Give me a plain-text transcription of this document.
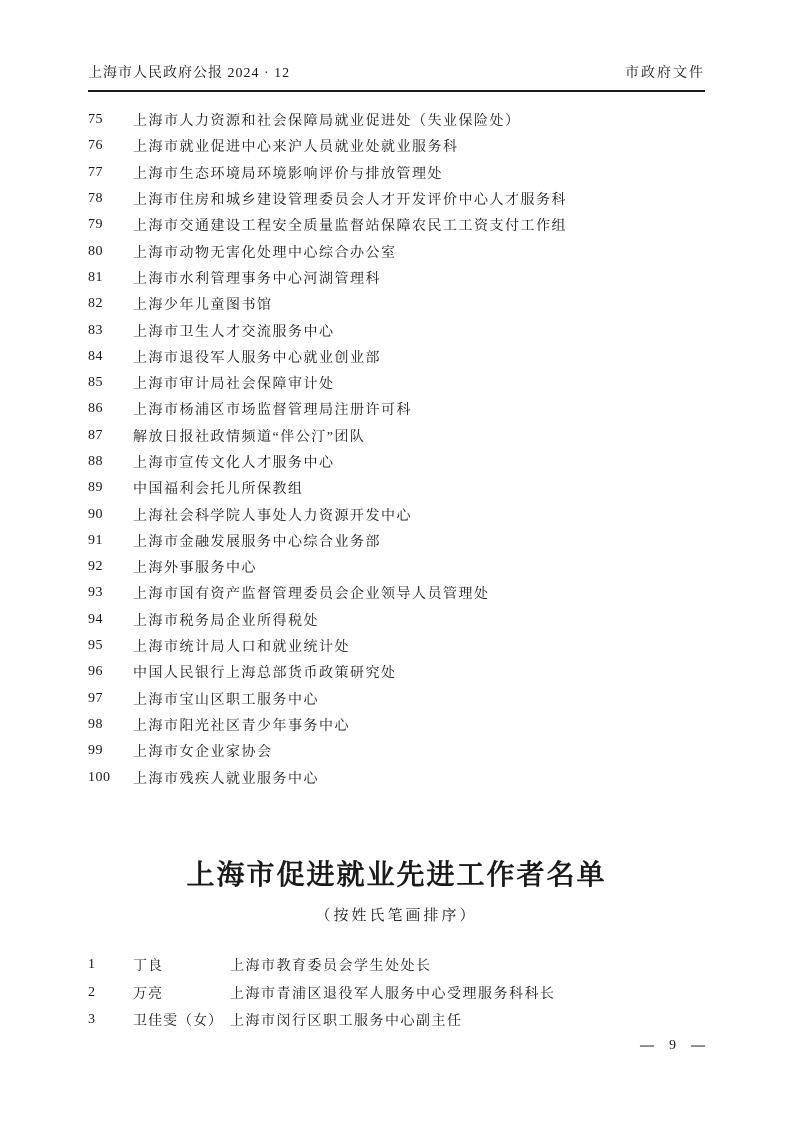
上海市人民政府公报 2024 · 12	市政府文件
75	上海市人力资源和社会保障局就业促进处（失业保险处）
76	上海市就业促进中心来沪人员就业处就业服务科
77	上海市生态环境局环境影响评价与排放管理处
78	上海市住房和城乡建设管理委员会人才开发评价中心人才服务科
79	上海市交通建设工程安全质量监督站保障农民工工资支付工作组
80	上海市动物无害化处理中心综合办公室
81	上海市水利管理事务中心河湖管理科
82	上海少年儿童图书馆
83	上海市卫生人才交流服务中心
84	上海市退役军人服务中心就业创业部
85	上海市审计局社会保障审计处
86	上海市杨浦区市场监督管理局注册许可科
87	解放日报社政情频道“伴公汀”团队
88	上海市宣传文化人才服务中心
89	中国福利会托儿所保教组
90	上海社会科学院人事处人力资源开发中心
91	上海市金融发展服务中心综合业务部
92	上海外事服务中心
93	上海市国有资产监督管理委员会企业领导人员管理处
94	上海市税务局企业所得税处
95	上海市统计局人口和就业统计处
96	中国人民银行上海总部货币政策研究处
97	上海市宝山区职工服务中心
98	上海市阳光社区青少年事务中心
99	上海市女企业家协会
100	上海市残疾人就业服务中心
上海市促进就业先进工作者名单

（按姓氏笔画排序）

1	丁良	上海市教育委员会学生处处长
2	万亮	上海市青浦区退役军人服务中心受理服务科科长
3	卫佳雯（女） 上海市闵行区职工服务中心副主任
— 9 —
